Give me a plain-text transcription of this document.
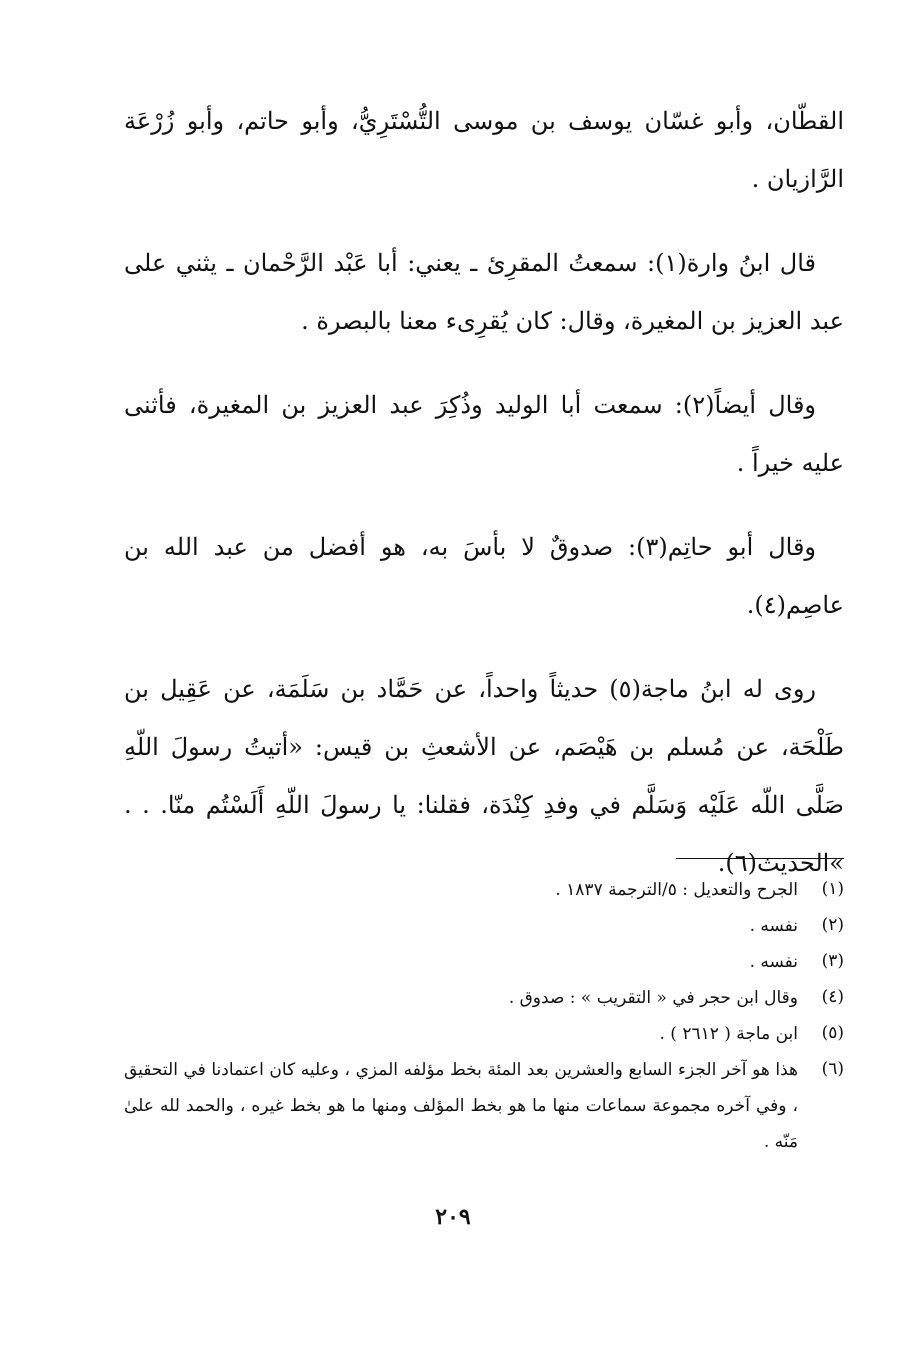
القطّان، وأبو غسّان يوسف بن موسى التُّسْتَرِيُّ، وأبو حاتم، وأبو زُرْعَة الرَّازيان .

قال ابنُ وارة(١): سمعتُ المقرِئ ـ يعني: أبا عَبْد الرَّحْمان ـ يثني على عبد العزيز بن المغيرة، وقال: كان يُقرِىء معنا بالبصرة .

وقال أيضاً(٢): سمعت أبا الوليد وذُكِرَ عبد العزيز بن المغيرة، فأثنى عليه خيراً .

وقال أبو حاتِم(٣): صدوقٌ لا بأسَ به، هو أفضل من عبد الله بن عاصِم(٤).

روى له ابنُ ماجة(٥) حديثاً واحداً، عن حَمَّاد بن سَلَمَة، عن عَقِيل بن طَلْحَة، عن مُسلم بن هَيْصَم، عن الأشعثِ بن قيس: «أتيتُ رسولَ اللّهِ صَلَّى اللّه عَلَيْه وَسَلَّم في وفدِ كِنْدَة، فقلنا: يا رسولَ اللّهِ أَلَسْتُم منّا. . . »الحديث(٦).

(١)
الجرح والتعديل : ٥/الترجمة ١٨٣٧ .
(٢)
نفسه .
(٣)
نفسه .
(٤)
وقال ابن حجر في « التقريب » : صدوق .
(٥)
ابن ماجة ( ٢٦١٢ ) .
(٦)
هذا هو آخر الجزء السابع والعشرين بعد المئة بخط مؤلفه المزي ، وعليه كان اعتمادنا في التحقيق ، وفي آخره مجموعة سماعات منها ما هو بخط المؤلف ومنها ما هو بخط غيره ، والحمد لله علىٰ مَنّه .
٢٠٩
